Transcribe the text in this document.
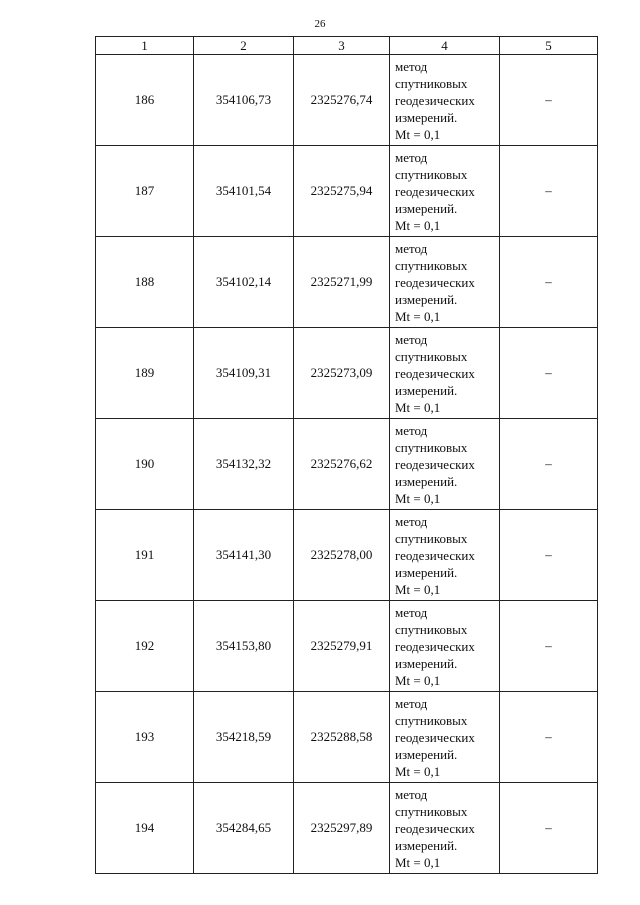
26
1	2	3	4	5
186	354106,73	2325276,74	метод
спутниковых
геодезических
измерений.
Mt = 0,1	–
187	354101,54	2325275,94	метод
спутниковых
геодезических
измерений.
Mt = 0,1	–
188	354102,14	2325271,99	метод
спутниковых
геодезических
измерений.
Mt = 0,1	–
189	354109,31	2325273,09	метод
спутниковых
геодезических
измерений.
Mt = 0,1	–
190	354132,32	2325276,62	метод
спутниковых
геодезических
измерений.
Mt = 0,1	–
191	354141,30	2325278,00	метод
спутниковых
геодезических
измерений.
Mt = 0,1	–
192	354153,80	2325279,91	метод
спутниковых
геодезических
измерений.
Mt = 0,1	–
193	354218,59	2325288,58	метод
спутниковых
геодезических
измерений.
Mt = 0,1	–
194	354284,65	2325297,89	метод
спутниковых
геодезических
измерений.
Mt = 0,1	–
